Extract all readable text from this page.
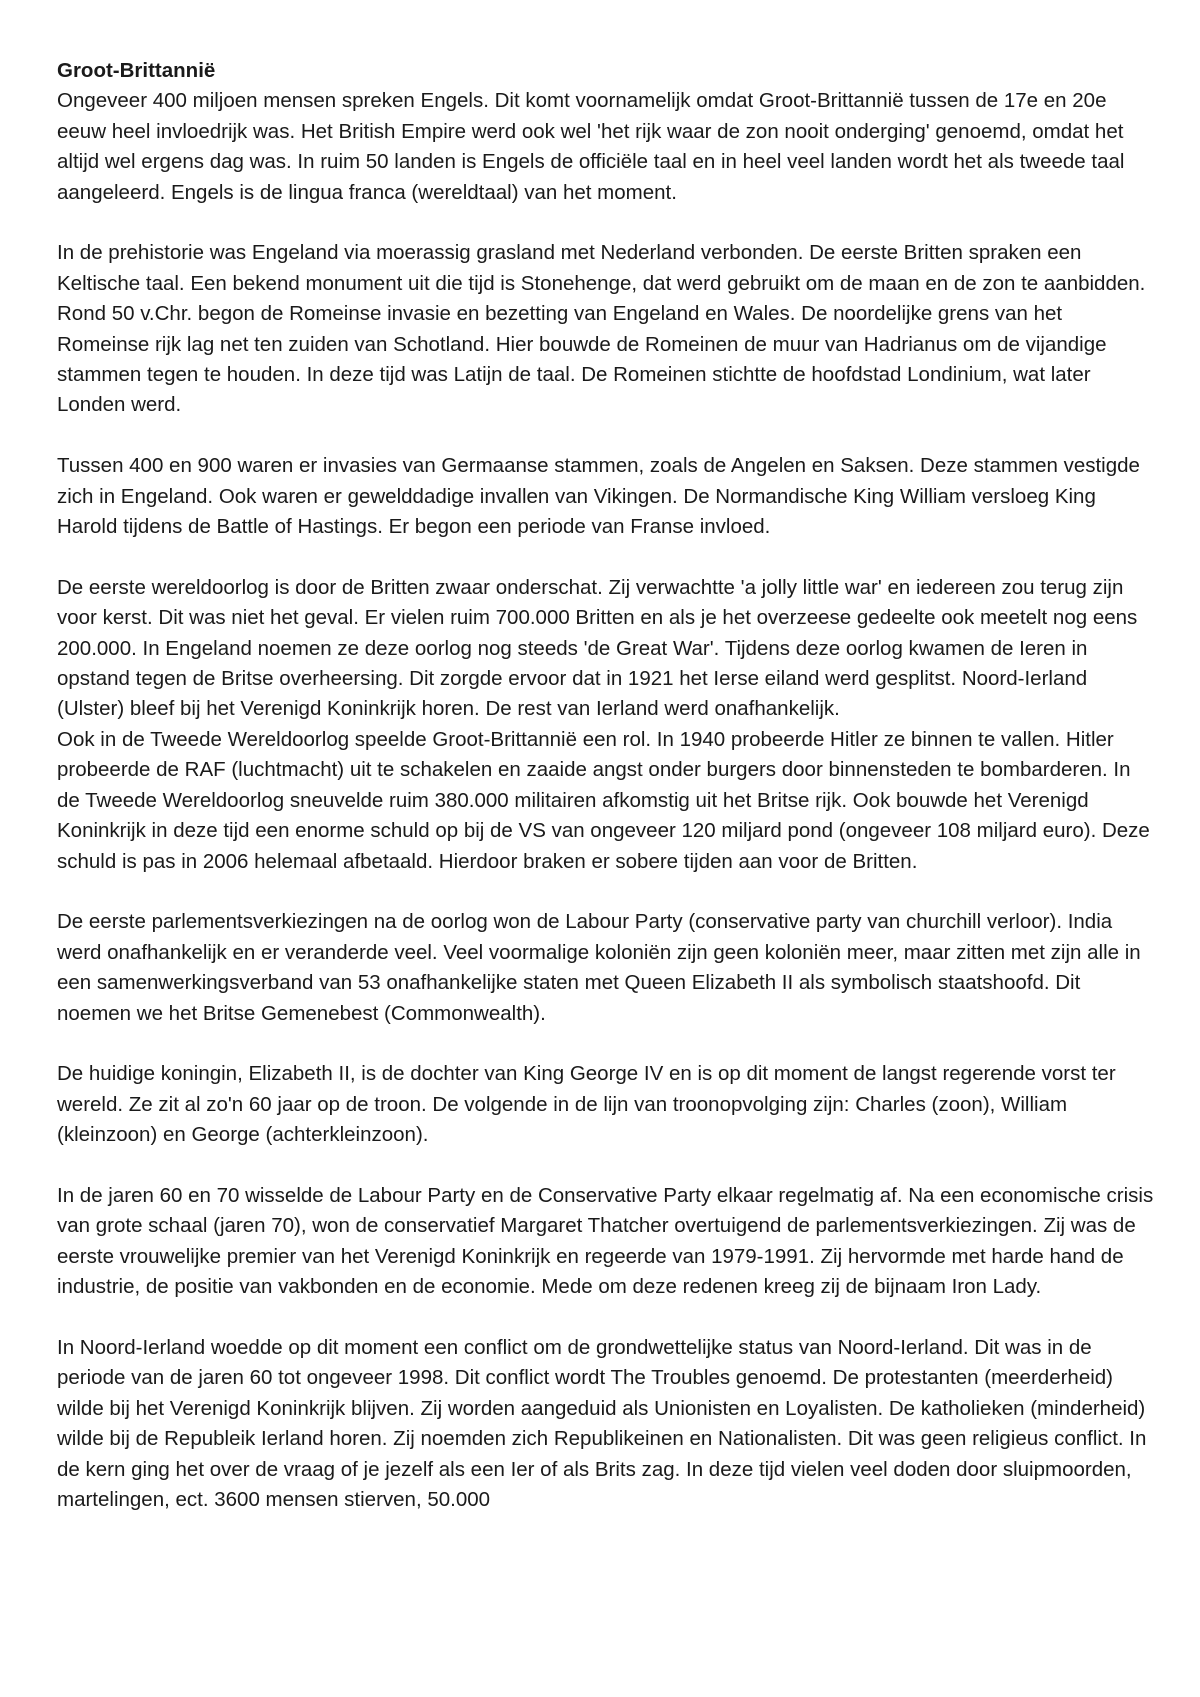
Groot-Brittannië

Ongeveer 400 miljoen mensen spreken Engels. Dit komt voornamelijk omdat Groot-Brittannië tussen de 17e en 20e eeuw heel invloedrijk was. Het British Empire werd ook wel 'het rijk waar de zon nooit onderging' genoemd, omdat het altijd wel ergens dag was. In ruim 50 landen is Engels de officiële taal en in heel veel landen wordt het als tweede taal aangeleerd. Engels is de lingua franca (wereldtaal) van het moment.

In de prehistorie was Engeland via moerassig grasland met Nederland verbonden. De eerste Britten spraken een Keltische taal. Een bekend monument uit die tijd is Stonehenge, dat werd gebruikt om de maan en de zon te aanbidden. Rond 50 v.Chr. begon de Romeinse invasie en bezetting van Engeland en Wales. De noordelijke grens van het Romeinse rijk lag net ten zuiden van Schotland. Hier bouwde de Romeinen de muur van Hadrianus om de vijandige stammen tegen te houden. In deze tijd was Latijn de taal. De Romeinen stichtte de hoofdstad Londinium, wat later Londen werd.

Tussen 400 en 900 waren er invasies van Germaanse stammen, zoals de Angelen en Saksen. Deze stammen vestigde zich in Engeland. Ook waren er gewelddadige invallen van Vikingen. De Normandische King William versloeg King Harold tijdens de Battle of Hastings. Er begon een periode van Franse invloed.

De eerste wereldoorlog is door de Britten zwaar onderschat. Zij verwachtte 'a jolly little war' en iedereen zou terug zijn voor kerst. Dit was niet het geval. Er vielen ruim 700.000 Britten en als je het overzeese gedeelte ook meetelt nog eens 200.000. In Engeland noemen ze deze oorlog nog steeds 'de Great War'. Tijdens deze oorlog kwamen de Ieren in opstand tegen de Britse overheersing. Dit zorgde ervoor dat in 1921 het Ierse eiland werd gesplitst. Noord-Ierland (Ulster) bleef bij het Verenigd Koninkrijk horen. De rest van Ierland werd onafhankelijk.

Ook in de Tweede Wereldoorlog speelde Groot-Brittannië een rol. In 1940 probeerde Hitler ze binnen te vallen. Hitler probeerde de RAF (luchtmacht) uit te schakelen en zaaide angst onder burgers door binnensteden te bombarderen. In de Tweede Wereldoorlog sneuvelde ruim 380.000 militairen afkomstig uit het Britse rijk. Ook bouwde het Verenigd Koninkrijk in deze tijd een enorme schuld op bij de VS van ongeveer 120 miljard pond (ongeveer 108 miljard euro). Deze schuld is pas in 2006 helemaal afbetaald. Hierdoor braken er sobere tijden aan voor de Britten.

De eerste parlementsverkiezingen na de oorlog won de Labour Party (conservative party van churchill verloor). India werd onafhankelijk en er veranderde veel. Veel voormalige koloniën zijn geen koloniën meer, maar zitten met zijn alle in een samenwerkingsverband van 53 onafhankelijke staten met Queen Elizabeth II als symbolisch staatshoofd. Dit noemen we het Britse Gemenebest (Commonwealth).

De huidige koningin, Elizabeth II, is de dochter van King George IV en is op dit moment de langst regerende vorst ter wereld. Ze zit al zo'n 60 jaar op de troon. De volgende in de lijn van troonopvolging zijn: Charles (zoon), William (kleinzoon) en George (achterkleinzoon).

In de jaren 60 en 70 wisselde de Labour Party en de Conservative Party elkaar regelmatig af. Na een economische crisis van grote schaal (jaren 70), won de conservatief Margaret Thatcher overtuigend de parlementsverkiezingen. Zij was de eerste vrouwelijke premier van het Verenigd Koninkrijk en regeerde van 1979-1991. Zij hervormde met harde hand de industrie, de positie van vakbonden en de economie. Mede om deze redenen kreeg zij de bijnaam Iron Lady.

In Noord-Ierland woedde op dit moment een conflict om de grondwettelijke status van Noord-Ierland. Dit was in de periode van de jaren 60 tot ongeveer 1998. Dit conflict wordt The Troubles genoemd. De protestanten (meerderheid) wilde bij het Verenigd Koninkrijk blijven. Zij worden aangeduid als Unionisten en Loyalisten. De katholieken (minderheid) wilde bij de Republeik Ierland horen. Zij noemden zich Republikeinen en Nationalisten. Dit was geen religieus conflict. In de kern ging het over de vraag of je jezelf als een Ier of als Brits zag. In deze tijd vielen veel doden door sluipmoorden, martelingen, ect. 3600 mensen stierven, 50.000
